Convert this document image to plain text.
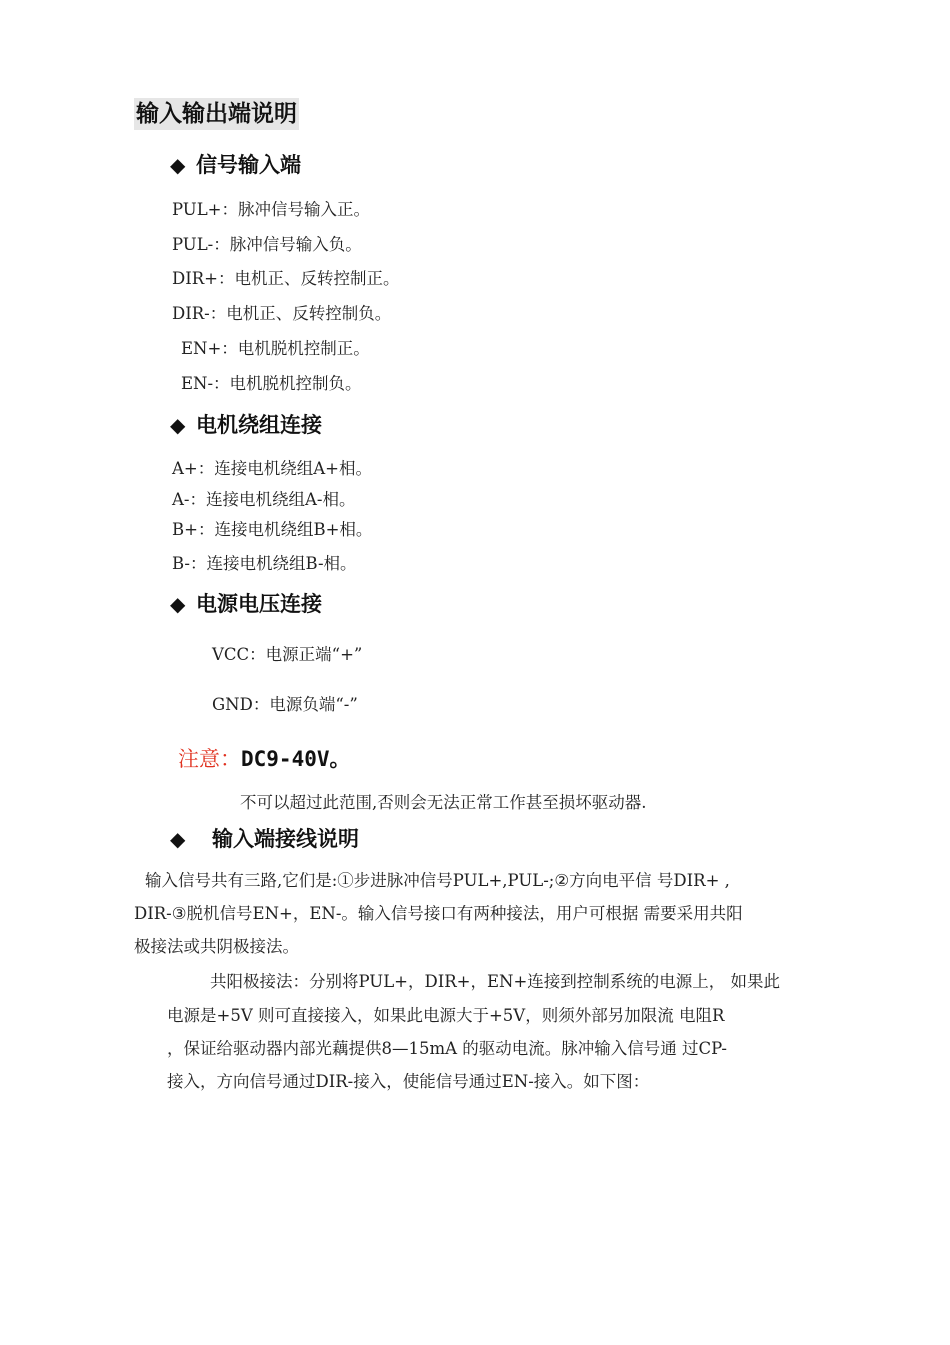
输入输出端说明
◆ 信号输入端
PUL+：脉冲信号输入正。
PUL-：脉冲信号输入负。
DIR+：电机正、反转控制正。
DIR-：电机正、反转控制负。
EN+：电机脱机控制正。
EN-：电机脱机控制负。
◆ 电机绕组连接
A+：连接电机绕组A+相。
A-：连接电机绕组A-相。
B+：连接电机绕组B+相。
B-：连接电机绕组B-相。
◆ 电源电压连接
VCC：电源正端“+”
GND：电源负端“-”
注意：DC9-40V。
不可以超过此范围,否则会无法正常工作甚至损坏驱动器.
◆ 输入端接线说明
输入信号共有三路,它们是:①步进脉冲信号PUL+,PUL-;②方向电平信 号DIR+ ,
DIR-③脱机信号EN+，EN-。输入信号接口有两种接法，用户可根据 需要采用共阳
极接法或共阴极接法。
共阳极接法：分别将PUL+，DIR+，EN+连接到控制系统的电源上， 如果此
电源是+5V 则可直接接入，如果此电源大于+5V，则须外部另加限流 电阻R
，保证给驱动器内部光藕提供8—15mA 的驱动电流。脉冲输入信号通 过CP-
接入，方向信号通过DIR-接入，使能信号通过EN-接入。如下图：
